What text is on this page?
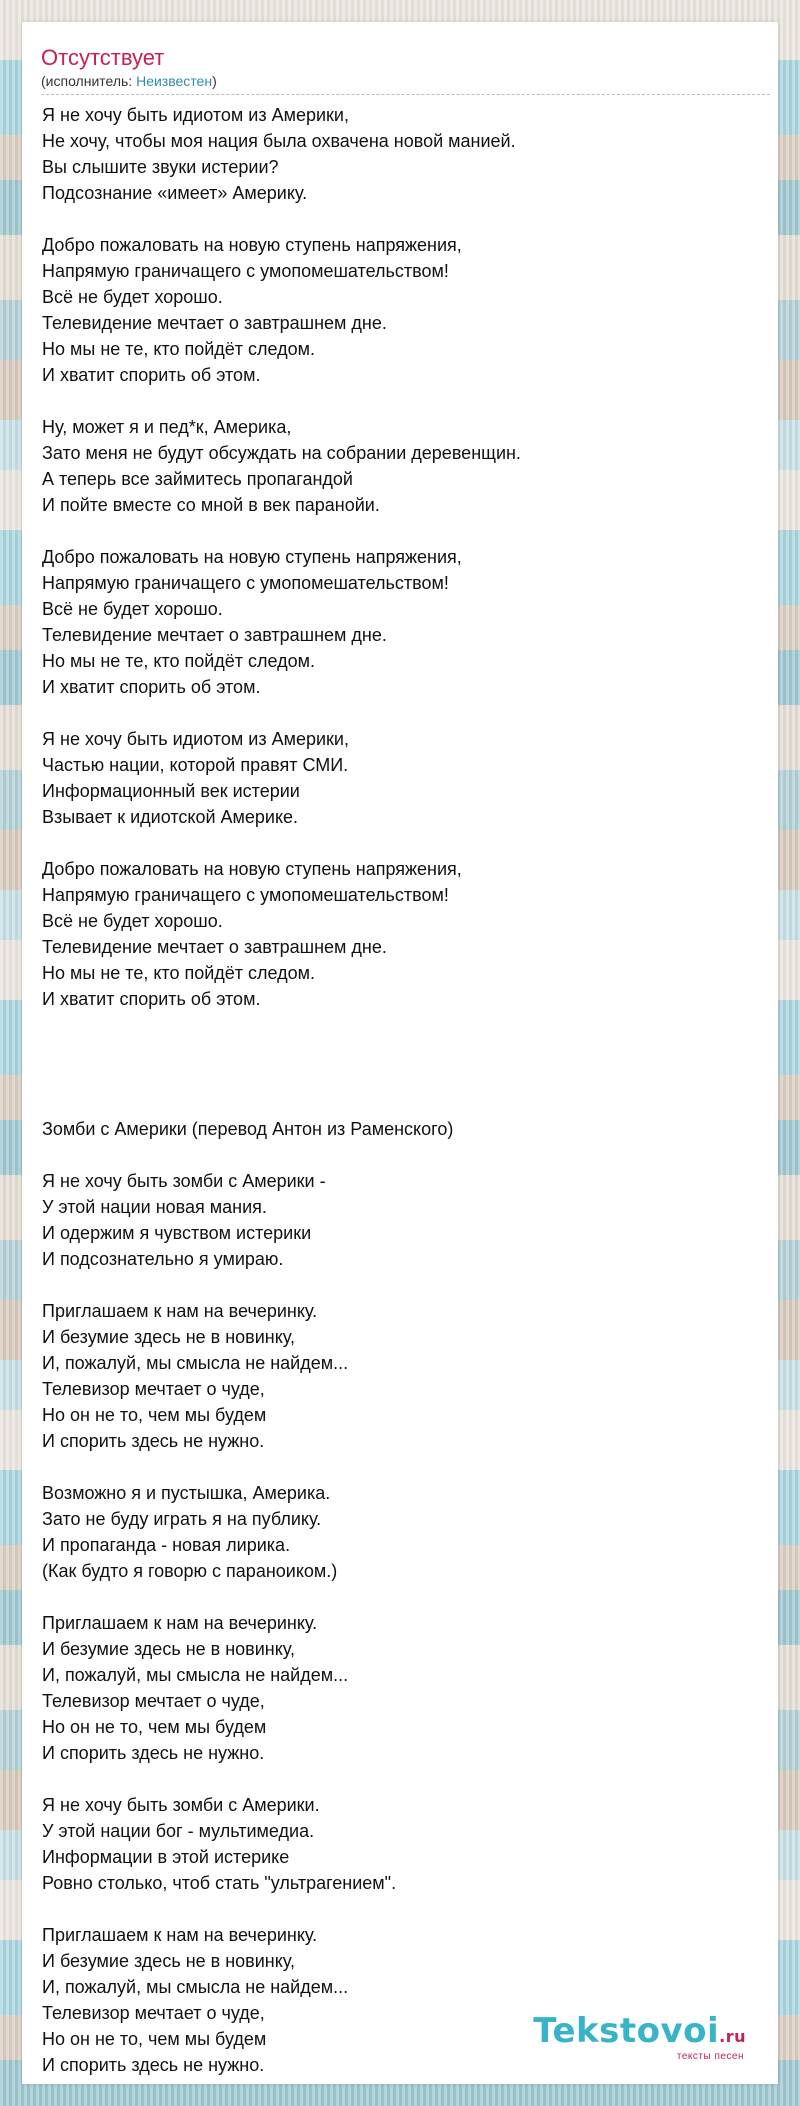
Отсутствует
(исполнитель: Неизвестен)
Я не хочу быть идиотом из Америки,
Не хочу, чтобы моя нация была охвачена новой манией.
Вы слышите звуки истерии?
Подсознание «имеет» Америку.
Добро пожаловать на новую ступень напряжения,
Напрямую граничащего с умопомешательством!
Всё не будет хорошо.
Телевидение мечтает о завтрашнем дне.
Но мы не те, кто пойдёт следом.
И хватит спорить об этом.
Ну, может я и пед*к, Америка,
Зато меня не будут обсуждать на собрании деревенщин.
А теперь все займитесь пропагандой
И пойте вместе со мной в век паранойи.
Добро пожаловать на новую ступень напряжения,
Напрямую граничащего с умопомешательством!
Всё не будет хорошо.
Телевидение мечтает о завтрашнем дне.
Но мы не те, кто пойдёт следом.
И хватит спорить об этом.
Я не хочу быть идиотом из Америки,
Частью нации, которой правят СМИ.
Информационный век истерии
Взывает к идиотской Америке.
Добро пожаловать на новую ступень напряжения,
Напрямую граничащего с умопомешательством!
Всё не будет хорошо.
Телевидение мечтает о завтрашнем дне.
Но мы не те, кто пойдёт следом.
И хватит спорить об этом.
Зомби с Америки (перевод Антон из Раменского)
Я не хочу быть зомби с Америки -
У этой нации новая мания.
И одержим я чувством истерики
И подсознательно я умираю.
Приглашаем к нам на вечеринку.
И безумие здесь не в новинку,
И, пожалуй, мы смысла не найдем...
Телевизор мечтает о чуде,
Но он не то, чем мы будем
И спорить здесь не нужно.
Возможно я и пустышка, Америка.
Зато не буду играть я на публику.
И пропаганда - новая лирика.
(Как будто я говорю с параноиком.)
Приглашаем к нам на вечеринку.
И безумие здесь не в новинку,
И, пожалуй, мы смысла не найдем...
Телевизор мечтает о чуде,
Но он не то, чем мы будем
И спорить здесь не нужно.
Я не хочу быть зомби с Америки.
У этой нации бог - мультимедиа.
Информации в этой истерике
Ровно столько, чтоб стать "ультрагением".
Приглашаем к нам на вечеринку.
И безумие здесь не в новинку,
И, пожалуй, мы смысла не найдем...
Телевизор мечтает о чуде,
Но он не то, чем мы будем
И спорить здесь не нужно.
Tekstovoi.ru
тексты песен
